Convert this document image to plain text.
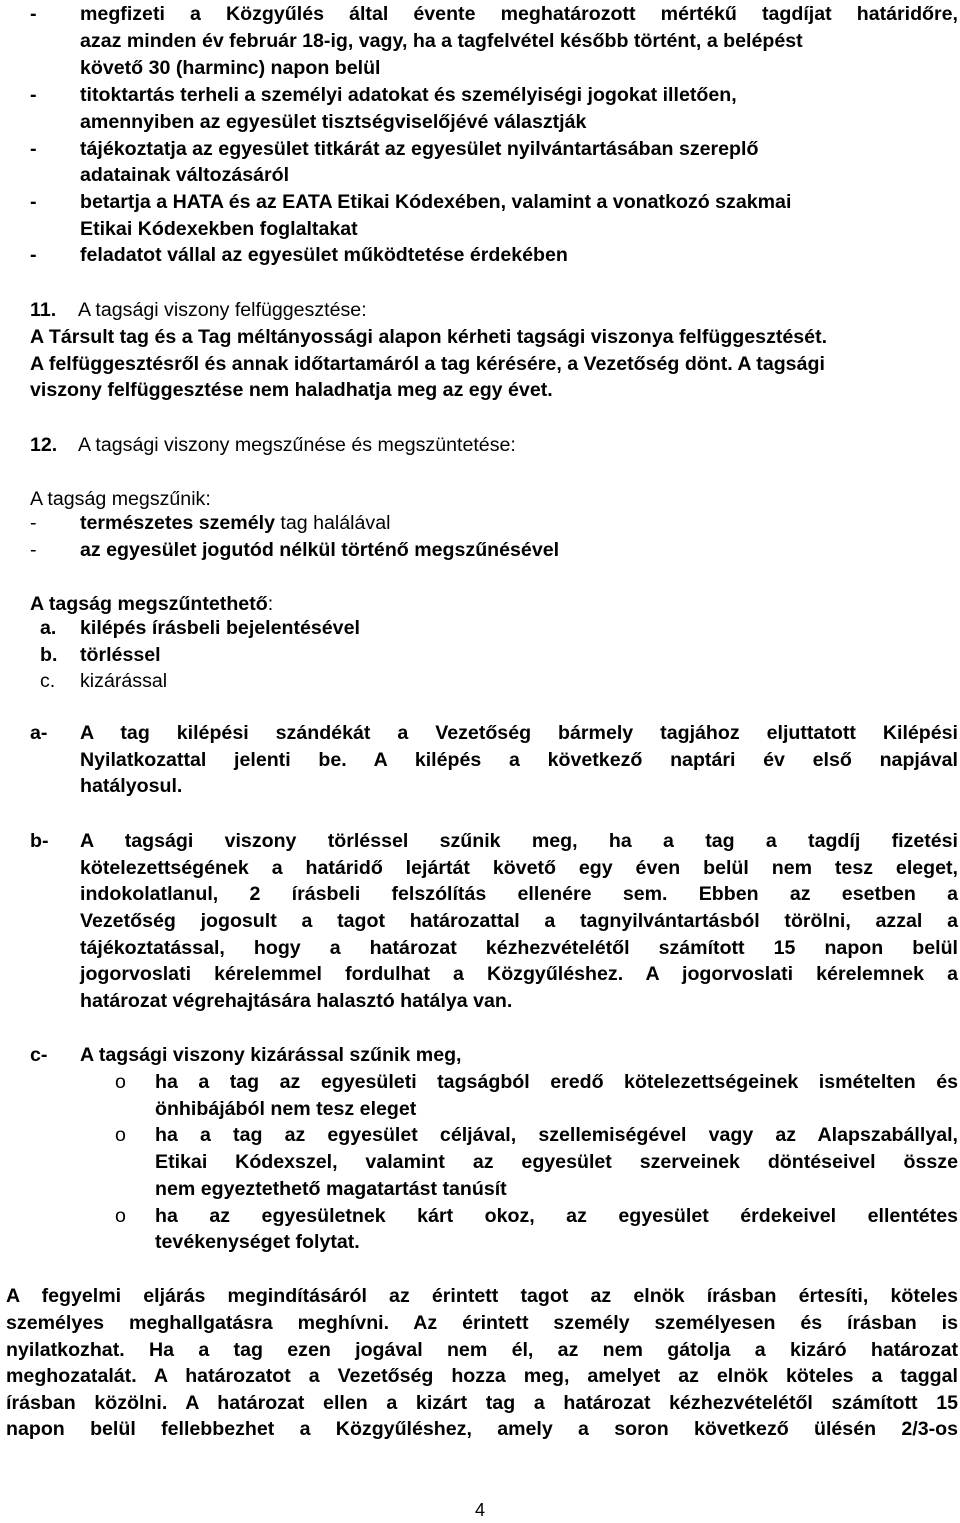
- megfizeti a Közgyűlés által évente meghatározott mértékű tagdíjat határidőre,
azaz minden év február 18-ig, vagy, ha a tagfelvétel később történt, a belépést
követő 30 (harminc) napon belül
- titoktartás terheli a személyi adatokat és személyiségi jogokat illetően,
amennyiben az egyesület tisztségviselőjévé választják
- tájékoztatja az egyesület titkárát az egyesület nyilvántartásában szereplő
adatainak változásáról
- betartja a HATA és az EATA Etikai Kódexében, valamint a vonatkozó szakmai
Etikai Kódexekben foglaltakat
- feladatot vállal az egyesület működtetése érdekében
11. A tagsági viszony felfüggesztése:
A Társult tag és a Tag méltányossági alapon kérheti tagsági viszonya felfüggesztését.
A felfüggesztésről és annak időtartamáról a tag kérésére, a Vezetőség dönt. A tagsági
viszony felfüggesztése nem haladhatja meg az egy évet.
12. A tagsági viszony megszűnése és megszüntetése:
A tagság megszűnik:
- természetes személy tag halálával
- az egyesület jogutód nélkül történő megszűnésével
A tagság megszűntethető:
a. kilépés írásbeli bejelentésével
b. törléssel
c. kizárással
a- A tag kilépési szándékát a Vezetőség bármely tagjához eljuttatott Kilépési
Nyilatkozattal jelenti be. A kilépés a következő naptári év első napjával
hatályosul.
b- A tagsági viszony törléssel szűnik meg, ha a tag a tagdíj fizetési
kötelezettségének a határidő lejártát követő egy éven belül nem tesz eleget,
indokolatlanul, 2 írásbeli felszólítás ellenére sem. Ebben az esetben a
Vezetőség jogosult a tagot határozattal a tagnyilvántartásból törölni, azzal a
tájékoztatással, hogy a határozat kézhezvételétől számított 15 napon belül
jogorvoslati kérelemmel fordulhat a Közgyűléshez. A jogorvoslati kérelemnek a
határozat végrehajtására halasztó hatálya van.
c- A tagsági viszony kizárással szűnik meg,
o ha a tag az egyesületi tagságból eredő kötelezettségeinek ismételten és
önhibájából nem tesz eleget
o ha a tag az egyesület céljával, szellemiségével vagy az Alapszabállyal,
Etikai Kódexszel, valamint az egyesület szerveinek döntéseivel össze
nem egyeztethető magatartást tanúsít
o ha az egyesületnek kárt okoz, az egyesület érdekeivel ellentétes
tevékenységet folytat.
A fegyelmi eljárás megindításáról az érintett tagot az elnök írásban értesíti, köteles
személyes meghallgatásra meghívni. Az érintett személy személyesen és írásban is
nyilatkozhat. Ha a tag ezen jogával nem él, az nem gátolja a kizáró határozat
meghozatalát. A határozatot a Vezetőség hozza meg, amelyet az elnök köteles a taggal
írásban közölni. A határozat ellen a kizárt tag a határozat kézhezvételétől számított 15
napon belül fellebbezhet a Közgyűléshez, amely a soron következő ülésén 2/3-os
4
